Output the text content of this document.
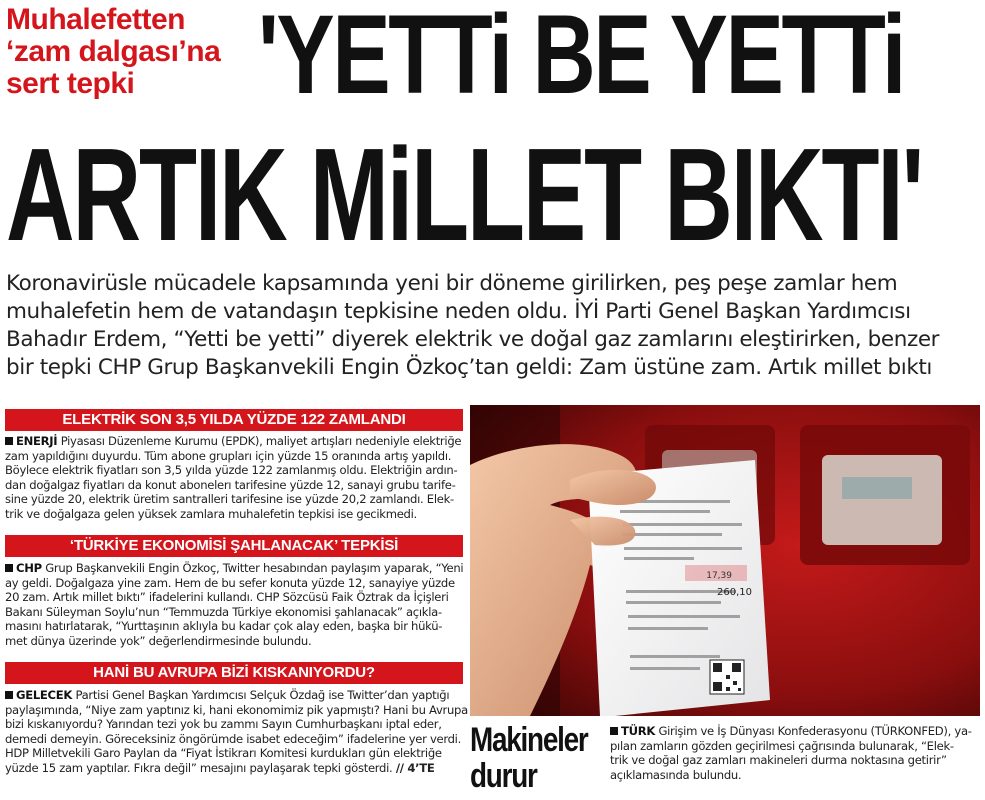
Muhalefetten
‘zam dalgası’na
sert tepki	'YETTi BE YETTi
ARTIK MiLLET BIKTI'
Koronavirüsle mücadele kapsamında yeni bir döneme girilirken, peş peşe zamlar hem
muhalefetin hem de vatandaşın tepkisine neden oldu. İYİ Parti Genel Başkan Yardımcısı
Bahadır Erdem, “Yetti be yetti” diyerek elektrik ve doğal gaz zamlarını eleştirirken, benzer
bir tepki CHP Grup Başkanvekili Engin Özkoç’tan geldi: Zam üstüne zam. Artık millet bıktı
ELEKTRİK SON 3,5 YILDA YÜZDE 122 ZAMLANDI
ENERJİ Piyasası Düzenleme Kurumu (EPDK), maliyet artışları nedeniyle elektriğe
zam yapıldığını duyurdu. Tüm abone grupları için yüzde 15 oranında artış yapıldı.
Böylece elektrik fiyatları son 3,5 yılda yüzde 122 zamlanmış oldu. Elektriğin ardın-
dan doğalgaz fiyatları da konut abonelerı tarifesine yüzde 12, sanayi grubu tarife-
sine yüzde 20, elektrik üretim santralleri tarifesine ise yüzde 20,2 zamlandı. Elek-
trik ve doğalgaza gelen yüksek zamlara muhalefetin tepkisi ise gecikmedi.
‘TÜRKİYE EKONOMİSİ ŞAHLANACAK’ TEPKİSİ
CHP Grup Başkanvekili Engin Özkoç, Twitter hesabından paylaşım yaparak, “Yeni
ay geldi. Doğalgaza yine zam. Hem de bu sefer konuta yüzde 12, sanayiye yüzde
20 zam. Artık millet bıktı” ifadelerini kullandı. CHP Sözcüsü Faik Öztrak da İçişleri
Bakanı Süleyman Soylu’nun “Temmuzda Türkiye ekonomisi şahlanacak” açıkla-
masını hatırlatarak, “Yurttaşının aklıyla bu kadar çok alay eden, başka bir hükü-
met dünya üzerinde yok” değerlendirmesinde bulundu.
HANİ BU AVRUPA BİZİ KISKANIYORDU?
GELECEK Partisi Genel Başkan Yardımcısı Selçuk Özdağ ise Twitter’dan yaptığı
paylaşımında, “Niye zam yaptınız ki, hani ekonomimiz pik yapmıştı? Hani bu Avrupa
bizi kıskanıyordu? Yarından tezi yok bu zammı Sayın Cumhurbaşkanı iptal eder,
demedi demeyin. Göreceksiniz öngörümde isabet edeceğim” ifadelerine yer verdi.
HDP Milletvekili Garo Paylan da “Fiyat İstikrarı Komitesi kurdukları gün elektriğe
yüzde 15 zam yaptılar. Fıkra değil” mesajını paylaşarak tepki gösterdi. // 4’TE
17,39
260,10
Makineler
durur
TÜRK Girişim ve İş Dünyası Konfederasyonu (TÜRKONFED), ya-
pılan zamların gözden geçirilmesi çağrısında bulunarak, “Elek-
trik ve doğal gaz zamları makineleri durma noktasına getirir”
açıklamasında bulundu.
